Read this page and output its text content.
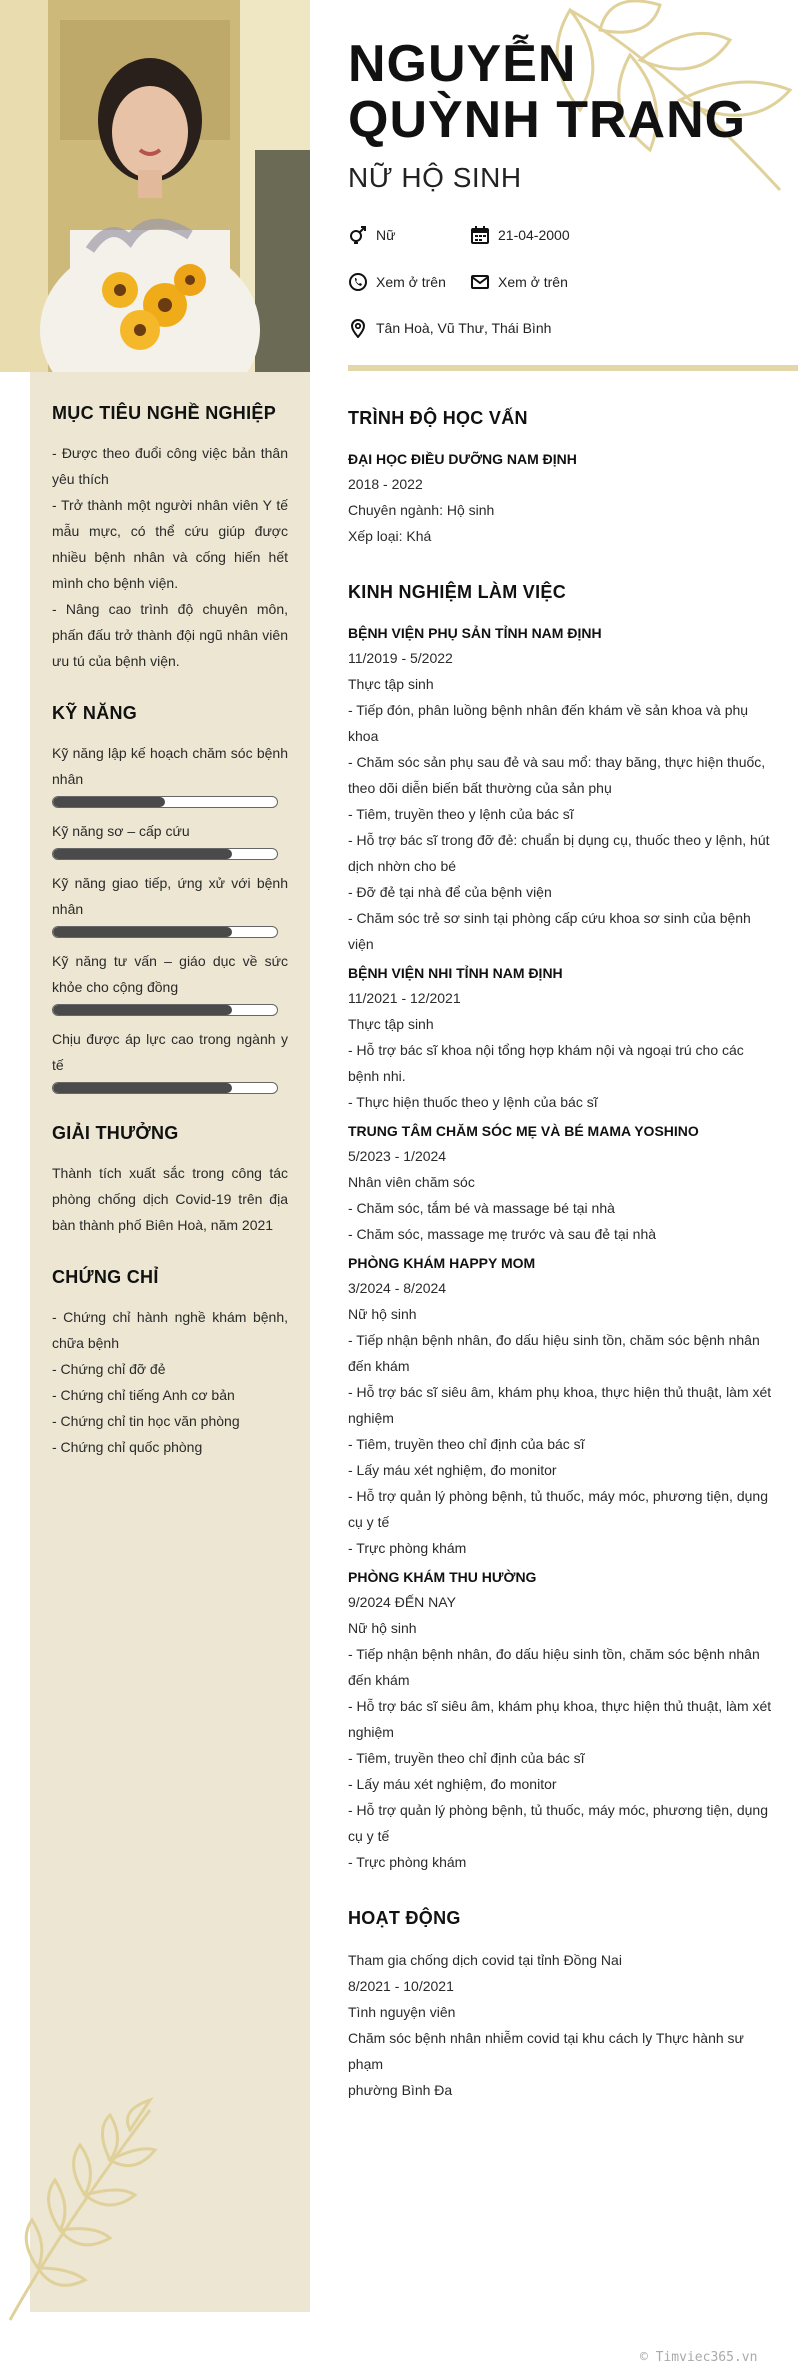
NGUYỄN
QUỲNH TRANG
NỮ HỘ SINH
Nữ	21-04-2000
Xem ở trên	Xem ở trên
Tân Hoà, Vũ Thư, Thái Bình
MỤC TIÊU NGHỀ NGHIỆP

- Được theo đuổi công việc bản thân yêu thích

- Trở thành một người nhân viên Y tế mẫu mực, có thể cứu giúp được nhiều bệnh nhân và cống hiến hết mình cho bệnh viện.

- Nâng cao trình độ chuyên môn, phấn đấu trở thành đội ngũ nhân viên ưu tú của bệnh viện.

KỸ NĂNG
Kỹ năng lập kế hoạch chăm sóc bệnh nhân
Kỹ năng sơ – cấp cứu
Kỹ năng giao tiếp, ứng xử với bệnh nhân
Kỹ năng tư vấn – giáo dục về sức khỏe cho cộng đồng
Chịu được áp lực cao trong ngành y tế
GIẢI THƯỞNG

Thành tích xuất sắc trong công tác phòng chống dịch Covid-19 trên địa bàn thành phố Biên Hoà, năm 2021

CHỨNG CHỈ

- Chứng chỉ hành nghề khám bệnh, chữa bệnh

- Chứng chỉ đỡ đẻ

- Chứng chỉ tiếng Anh cơ bản

- Chứng chỉ tin học văn phòng

- Chứng chỉ quốc phòng

TRÌNH ĐỘ HỌC VẤN
ĐẠI HỌC ĐIỀU DƯỠNG NAM ĐỊNH
2018 - 2022
Chuyên ngành: Hộ sinh
Xếp loại: Khá
KINH NGHIỆM LÀM VIỆC
BỆNH VIỆN PHỤ SẢN TỈNH NAM ĐỊNH
11/2019 - 5/2022
Thực tập sinh
- Tiếp đón, phân luồng bệnh nhân đến khám về sản khoa và phụ khoa
- Chăm sóc sản phụ sau đẻ và sau mổ: thay băng, thực hiện thuốc, theo dõi diễn biến bất thường của sản phụ
- Tiêm, truyền theo y lệnh của bác sĩ
- Hỗ trợ bác sĩ trong đỡ đẻ: chuẩn bị dụng cụ, thuốc theo y lệnh, hút dịch nhờn cho bé
- Đỡ đẻ tại nhà để của bệnh viện
- Chăm sóc trẻ sơ sinh tại phòng cấp cứu khoa sơ sinh của bệnh viện
BỆNH VIỆN NHI TỈNH NAM ĐỊNH
11/2021 - 12/2021
Thực tập sinh
- Hỗ trợ bác sĩ khoa nội tổng hợp khám nội và ngoại trú cho các bệnh nhi.
- Thực hiện thuốc theo y lệnh của bác sĩ
TRUNG TÂM CHĂM SÓC MẸ VÀ BÉ MAMA YOSHINO
5/2023 - 1/2024
Nhân viên chăm sóc
- Chăm sóc, tắm bé và massage bé tại nhà
- Chăm sóc, massage mẹ trước và sau đẻ tại nhà
PHÒNG KHÁM HAPPY MOM
3/2024 - 8/2024
Nữ hộ sinh
- Tiếp nhận bệnh nhân, đo dấu hiệu sinh tồn, chăm sóc bệnh nhân đến khám
- Hỗ trợ bác sĩ siêu âm, khám phụ khoa, thực hiện thủ thuật, làm xét nghiệm
- Tiêm, truyền theo chỉ định của bác sĩ
- Lấy máu xét nghiệm, đo monitor
- Hỗ trợ quản lý phòng bệnh, tủ thuốc, máy móc, phương tiện, dụng cụ y tế
- Trực phòng khám
PHÒNG KHÁM THU HƯỜNG
9/2024 ĐẾN NAY
Nữ hộ sinh
- Tiếp nhận bệnh nhân, đo dấu hiệu sinh tồn, chăm sóc bệnh nhân đến khám
- Hỗ trợ bác sĩ siêu âm, khám phụ khoa, thực hiện thủ thuật, làm xét nghiệm
- Tiêm, truyền theo chỉ định của bác sĩ
- Lấy máu xét nghiệm, đo monitor
- Hỗ trợ quản lý phòng bệnh, tủ thuốc, máy móc, phương tiện, dụng cụ y tế
- Trực phòng khám
HOẠT ĐỘNG
Tham gia chống dịch covid tại tỉnh Đồng Nai
8/2021 - 10/2021
Tình nguyện viên
Chăm sóc bệnh nhân nhiễm covid tại khu cách ly Thực hành sư phạm
phường Bình Đa
© Timviec365.vn
